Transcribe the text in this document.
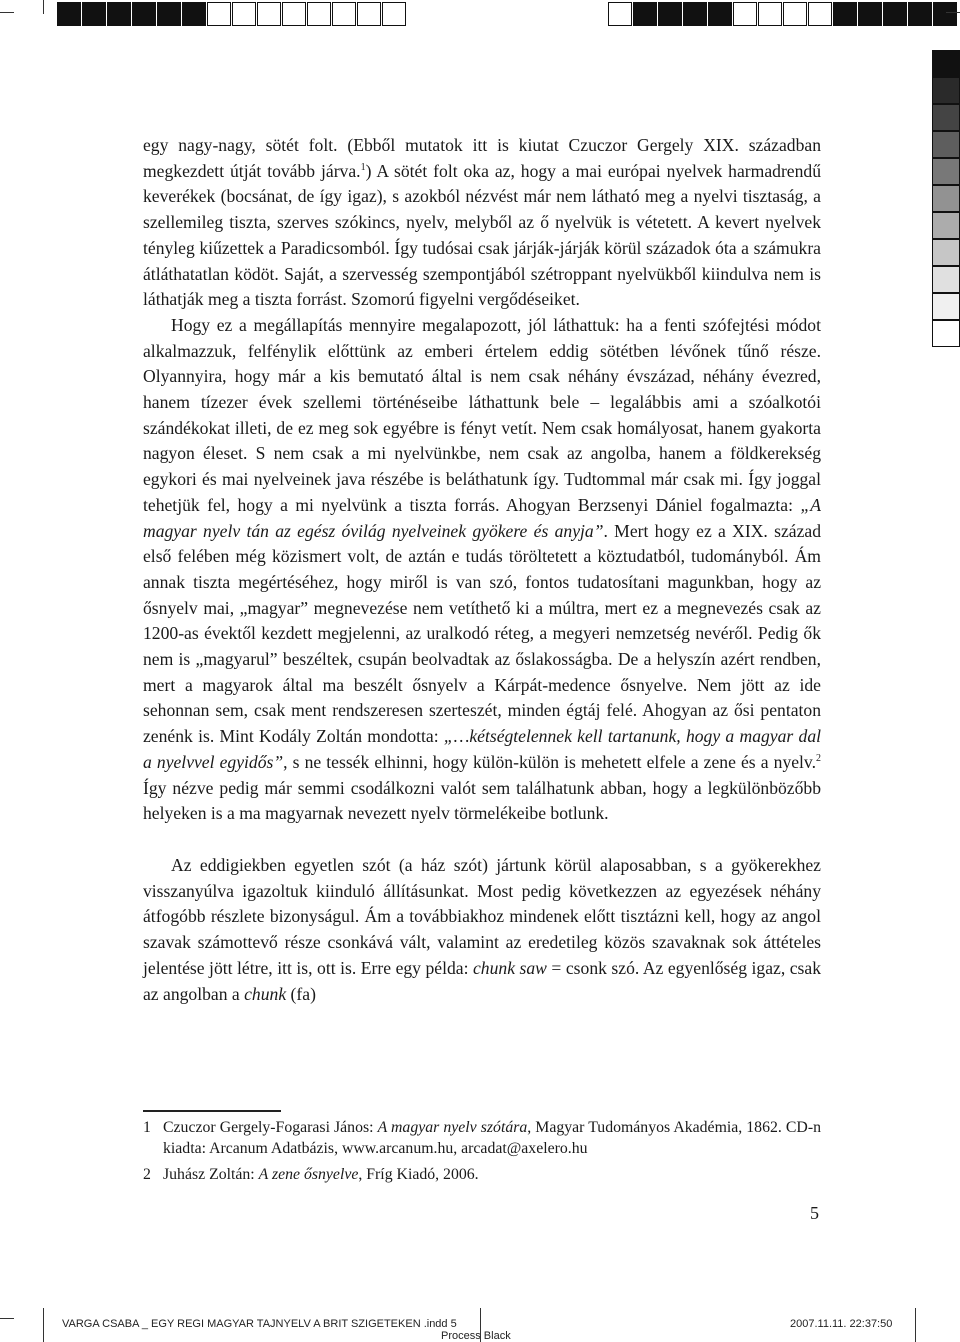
egy nagy-nagy, sötét folt. (Ebből mutatok itt is kiutat Czuczor Gergely XIX. században megkezdett útját tovább járva.$^1$) A sötét folt oka az, hogy a mai európai nyelvek harmadrendű keverékek (bocsánat, de így igaz), s azokból nézvést már nem látható meg a nyelvi tisztaság, a szellemileg tiszta, szerves szókincs, nyelv, melyből az ő nyelvük is vétetett. A kevert nyelvek tényleg kiűzettek a Paradicsomból. Így tudósai csak járják-járják körül századok óta a számukra átláthatatlan ködöt. Saját, a szervesség szempontjából szétroppant nyelvükből kiindulva nem is láthatják meg a tiszta forrást. Szomorú figyelni vergődéseiket.

Hogy ez a megállapítás mennyire megalapozott, jól láthattuk: ha a fenti szófejtési módot alkalmazzuk, felfénylik előttünk az emberi értelem eddig sötétben lévőnek tűnő része. Olyannyira, hogy már a kis bemutató által is nem csak néhány évszázad, néhány évezred, hanem tízezer évek szellemi történéseibe láthattunk bele – legalábbis ami a szóalkotói szándékokat illeti, de ez meg sok egyébre is fényt vetít. Nem csak homályosat, hanem gyakorta nagyon éleset. S nem csak a mi nyelvünkbe, nem csak az angolba, hanem a földkerekség egykori és mai nyelveinek java részébe is beláthatunk így. Tudtommal már csak mi. Így joggal tehetjük fel, hogy a mi nyelvünk a tiszta forrás. Ahogyan Berzsenyi Dániel fogalmazta: „A magyar nyelv tán az egész óvilág nyelveinek gyökere és anyja”. Mert hogy ez a XIX. század első felében még közismert volt, de aztán e tudás töröltetett a köztudatból, tudományból. Ám annak tiszta megértéséhez, hogy miről is van szó, fontos tudatosítani magunkban, hogy az ősnyelv mai, „magyar” megnevezése nem vetíthető ki a múltra, mert ez a megnevezés csak az 1200-as évektől kezdett megjelenni, az uralkodó réteg, a megyeri nemzetség nevéről. Pedig ők nem is „magyarul” beszéltek, csupán beolvadtak az őslakosságba. De a helyszín azért rendben, mert a magyarok által ma beszélt ősnyelv a Kárpát-medence ősnyelve. Nem jött az ide sehonnan sem, csak ment rendszeresen szerteszét, minden égtáj felé. Ahogyan az ősi pentaton zenénk is. Mint Kodály Zoltán mondotta: „…kétségtelennek kell tartanunk, hogy a magyar dal a nyelvvel egyidős”, s ne tessék elhinni, hogy külön-külön is mehetett elfele a zene és a nyelv.$^2$ Így nézve pedig már semmi csodálkozni valót sem találhatunk abban, hogy a legkülönbözőbb helyeken is a ma magyarnak nevezett nyelv törmelékeibe botlunk.

Az eddigiekben egyetlen szót (a ház szót) jártunk körül alaposabban, s a gyökerekhez visszanyúlva igazoltuk kiinduló állításunkat. Most pedig következzen az egyezések néhány átfogóbb részlete bizonyságul. Ám a továbbiakhoz mindenek előtt tisztázni kell, hogy az angol szavak számottevő része csonkává vált, valamint az eredetileg közös szavaknak sok áttételes jelentése jött létre, itt is, ott is. Erre egy példa: chunk saw = csonk szó. Az egyenlőség igaz, csak az angolban a chunk (fa)

1 Czuczor Gergely-Fogarasi János: A magyar nyelv szótára, Magyar Tudományos Akadémia, 1862. CD-n kiadta: Arcanum Adatbázis, www.arcanum.hu, arcadat@axelero.hu
2 Juhász Zoltán: A zene ősnyelve, Fríg Kiadó, 2006.
5
VARGA CSABA _ EGY REGI MAGYAR TAJNYELV A BRIT SZIGETEKEN .indd 5	2007.11.11. 22:37:50
Process Black
